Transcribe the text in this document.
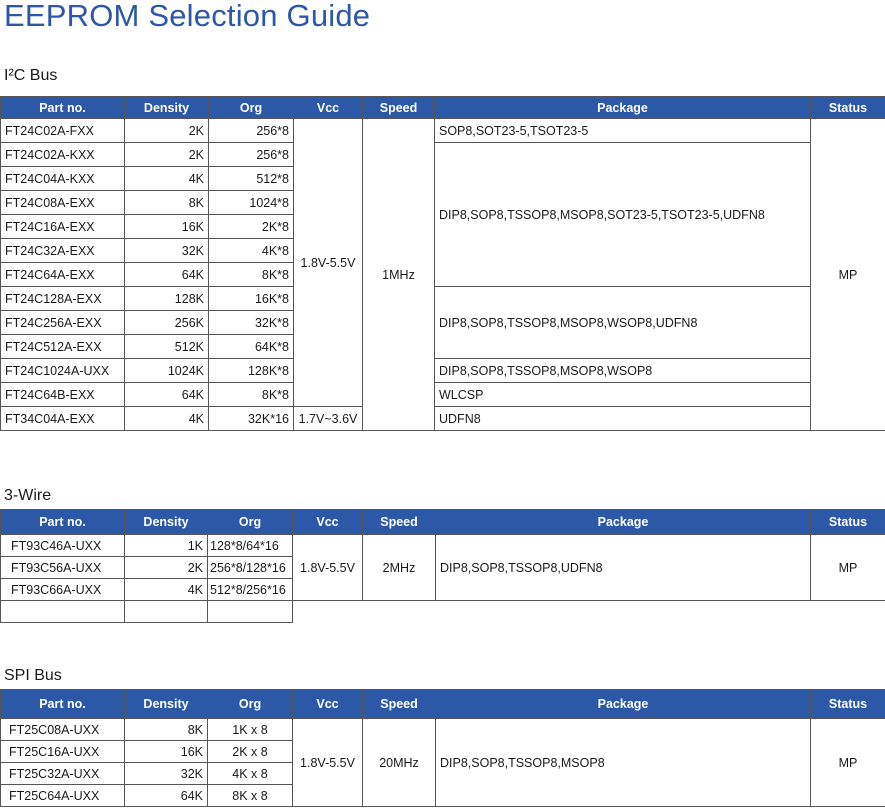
EEPROM Selection Guide
I²C Bus
Part no.	Density	Org	Vcc	Speed	Package	Status
FT24C02A-FXX	2K	256*8	1.8V-5.5V	1MHz	SOP8,SOT23-5,TSOT23-5	MP
FT24C02A-KXX	2K	256*8			DIP8,SOP8,TSSOP8,MSOP8,SOT23-5,TSOT23-5,UDFN8	
FT24C04A-KXX	4K	512*8				
FT24C08A-EXX	8K	1024*8				
FT24C16A-EXX	16K	2K*8				
FT24C32A-EXX	32K	4K*8				
FT24C64A-EXX	64K	8K*8				
FT24C128A-EXX	128K	16K*8			DIP8,SOP8,TSSOP8,MSOP8,WSOP8,UDFN8	
FT24C256A-EXX	256K	32K*8				
FT24C512A-EXX	512K	64K*8				
FT24C1024A-UXX	1024K	128K*8			DIP8,SOP8,TSSOP8,MSOP8,WSOP8	
FT24C64B-EXX	64K	8K*8			WLCSP	
FT34C04A-EXX	4K	32K*16	1.7V~3.6V		UDFN8	
3-Wire
Part no.	Density	Org	Vcc	Speed	Package	Status
FT93C46A-UXX	1K	128*8/64*16	1.8V-5.5V	2MHz	DIP8,SOP8,TSSOP8,UDFN8	MP
FT93C56A-UXX	2K	256*8/128*16				
FT93C66A-UXX	4K	512*8/256*16				

SPI Bus
Part no.	Density	Org	Vcc	Speed	Package	Status
FT25C08A-UXX	8K	1K x 8	1.8V-5.5V	20MHz	DIP8,SOP8,TSSOP8,MSOP8	MP
FT25C16A-UXX	16K	2K x 8				
FT25C32A-UXX	32K	4K x 8				
FT25C64A-UXX	64K	8K x 8				
